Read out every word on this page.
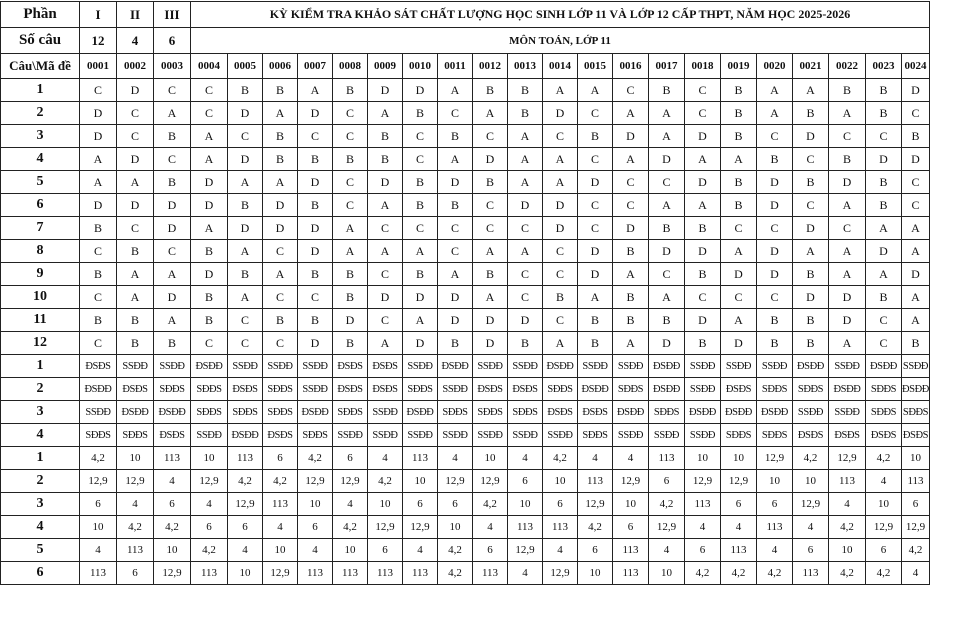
Phần	I	II	III	KỲ KIỂM TRA KHẢO SÁT CHẤT LƯỢNG HỌC SINH LỚP 11 VÀ LỚP 12 CẤP THPT, NĂM HỌC 2025-2026																				
Số câu	12	4	6	MÔN TOÁN, LỚP 11																				
Câu\Mã đề	0001	0002	0003	0004	0005	0006	0007	0008	0009	0010	0011	0012	0013	0014	0015	0016	0017	0018	0019	0020	0021	0022	0023	0024
1	C	D	C	C	B	B	A	B	D	D	A	B	B	A	A	C	B	C	B	A	A	B	B	D
2	D	C	A	C	D	A	D	C	A	B	C	A	B	D	C	A	A	C	B	A	B	A	B	C
3	D	C	B	A	C	B	C	C	B	C	B	C	A	C	B	D	A	D	B	C	D	C	C	B
4	A	D	C	A	D	B	B	B	B	C	A	D	A	A	C	A	D	A	A	B	C	B	D	D
5	A	A	B	D	A	A	D	C	D	B	D	B	A	A	D	C	C	D	B	D	B	D	B	C
6	D	D	D	D	B	D	B	C	A	B	B	C	D	D	C	C	A	A	B	D	C	A	B	C
7	B	C	D	A	D	D	D	A	C	C	C	C	C	D	C	D	B	B	C	C	D	C	A	A
8	C	B	C	B	A	C	D	A	A	A	C	A	A	C	D	B	D	D	A	D	A	A	D	A
9	B	A	A	D	B	A	B	B	C	B	A	B	C	C	D	A	C	B	D	D	B	A	A	D
10	C	A	D	B	A	C	C	B	D	D	D	A	C	B	A	B	A	C	C	C	D	D	B	A
11	B	B	A	B	C	B	B	D	C	A	D	D	D	C	B	B	B	D	A	B	B	D	C	A
12	C	B	B	C	C	C	D	B	A	D	B	D	B	A	B	A	D	B	D	B	B	A	C	B
1	ĐSĐS	SSĐĐ	SSĐĐ	ĐSĐĐ	SSĐĐ	SSĐĐ	SSĐĐ	ĐSĐS	ĐSĐS	SSĐĐ	ĐSĐĐ	SSĐĐ	SSĐĐ	ĐSĐĐ	SSĐĐ	SSĐĐ	ĐSĐĐ	SSĐĐ	SSĐĐ	SSĐĐ	ĐSĐĐ	SSĐĐ	ĐSĐĐ	SSĐĐ
2	ĐSĐĐ	ĐSĐS	SĐĐS	SĐĐS	ĐSĐS	SĐĐS	SSĐĐ	ĐSĐS	ĐSĐS	SĐĐS	SSĐĐ	ĐSĐS	ĐSĐS	SĐĐS	ĐSĐĐ	SĐĐS	ĐSĐĐ	SSĐĐ	ĐSĐS	SĐĐS	SĐĐS	ĐSĐĐ	SĐĐS	ĐSĐĐ
3	SSĐĐ	ĐSĐĐ	ĐSĐĐ	SĐĐS	SĐĐS	SĐĐS	ĐSĐĐ	SĐĐS	SSĐĐ	ĐSĐĐ	SĐĐS	SĐĐS	SĐĐS	ĐSĐS	ĐSĐS	ĐSĐĐ	SĐĐS	ĐSĐĐ	ĐSĐĐ	ĐSĐĐ	SSĐĐ	SSĐĐ	SĐĐS	SĐĐS
4	SĐĐS	SĐĐS	ĐSĐS	SSĐĐ	ĐSĐĐ	ĐSĐS	SĐĐS	SSĐĐ	SSĐĐ	SSĐĐ	SSĐĐ	SSĐĐ	SSĐĐ	SSĐĐ	SĐĐS	SSĐĐ	SSĐĐ	SSĐĐ	SĐĐS	SĐĐS	ĐSĐS	ĐSĐS	ĐSĐS	ĐSĐS
1	4,2	10	113	10	113	6	4,2	6	4	113	4	10	4	4,2	4	4	113	10	10	12,9	4,2	12,9	4,2	10
2	12,9	12,9	4	12,9	4,2	4,2	12,9	12,9	4,2	10	12,9	12,9	6	10	113	12,9	6	12,9	12,9	10	10	113	4	113
3	6	4	6	4	12,9	113	10	4	10	6	6	4,2	10	6	12,9	10	4,2	113	6	6	12,9	4	10	6
4	10	4,2	4,2	6	6	4	6	4,2	12,9	12,9	10	4	113	113	4,2	6	12,9	4	4	113	4	4,2	12,9	12,9
5	4	113	10	4,2	4	10	4	10	6	4	4,2	6	12,9	4	6	113	4	6	113	4	6	10	6	4,2
6	113	6	12,9	113	10	12,9	113	113	113	113	4,2	113	4	12,9	10	113	10	4,2	4,2	4,2	113	4,2	4,2	4
